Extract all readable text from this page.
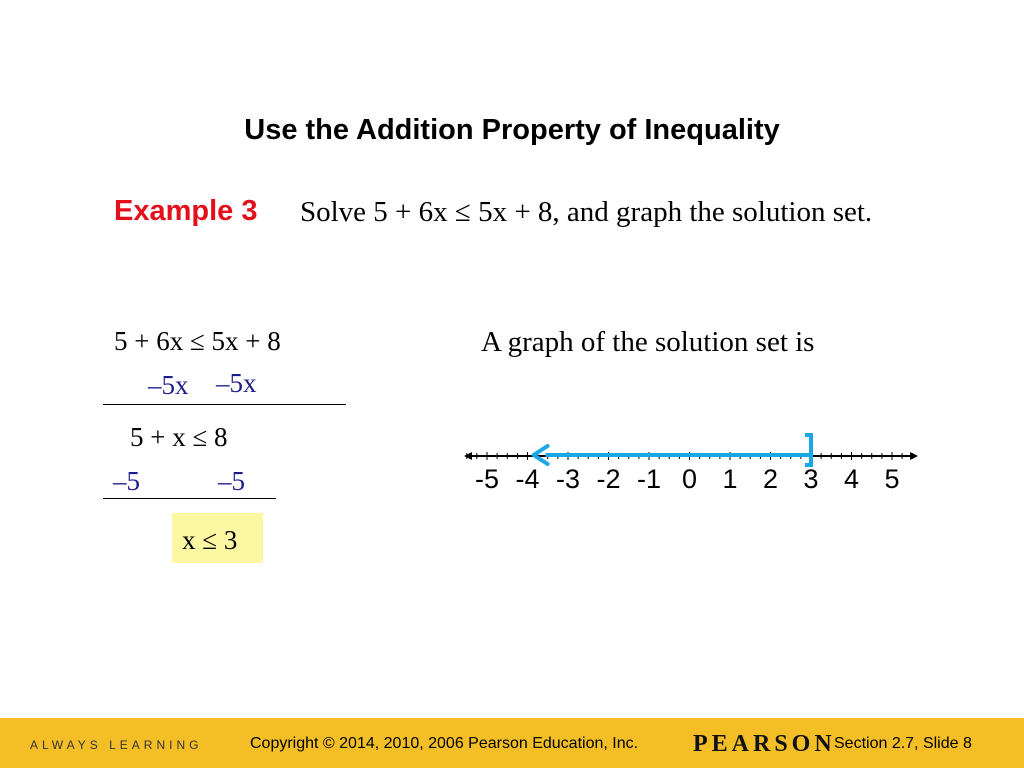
Use the Addition Property of Inequality
Example 3 Solve 5 + 6x ≤ 5x + 8, and graph the solution set.
5 + 6x ≤ 5x + 8
–5x –5x
5 + x ≤ 8
–5	–5
x ≤ 3
A graph of the solution set is
-5 -4 -3 -2 -1 0 1 2 3 4 5
ALWAYS LEARNING	Copyright © 2014, 2010, 2006 Pearson Education, Inc. PEARSON
Section 2.7, Slide 8
